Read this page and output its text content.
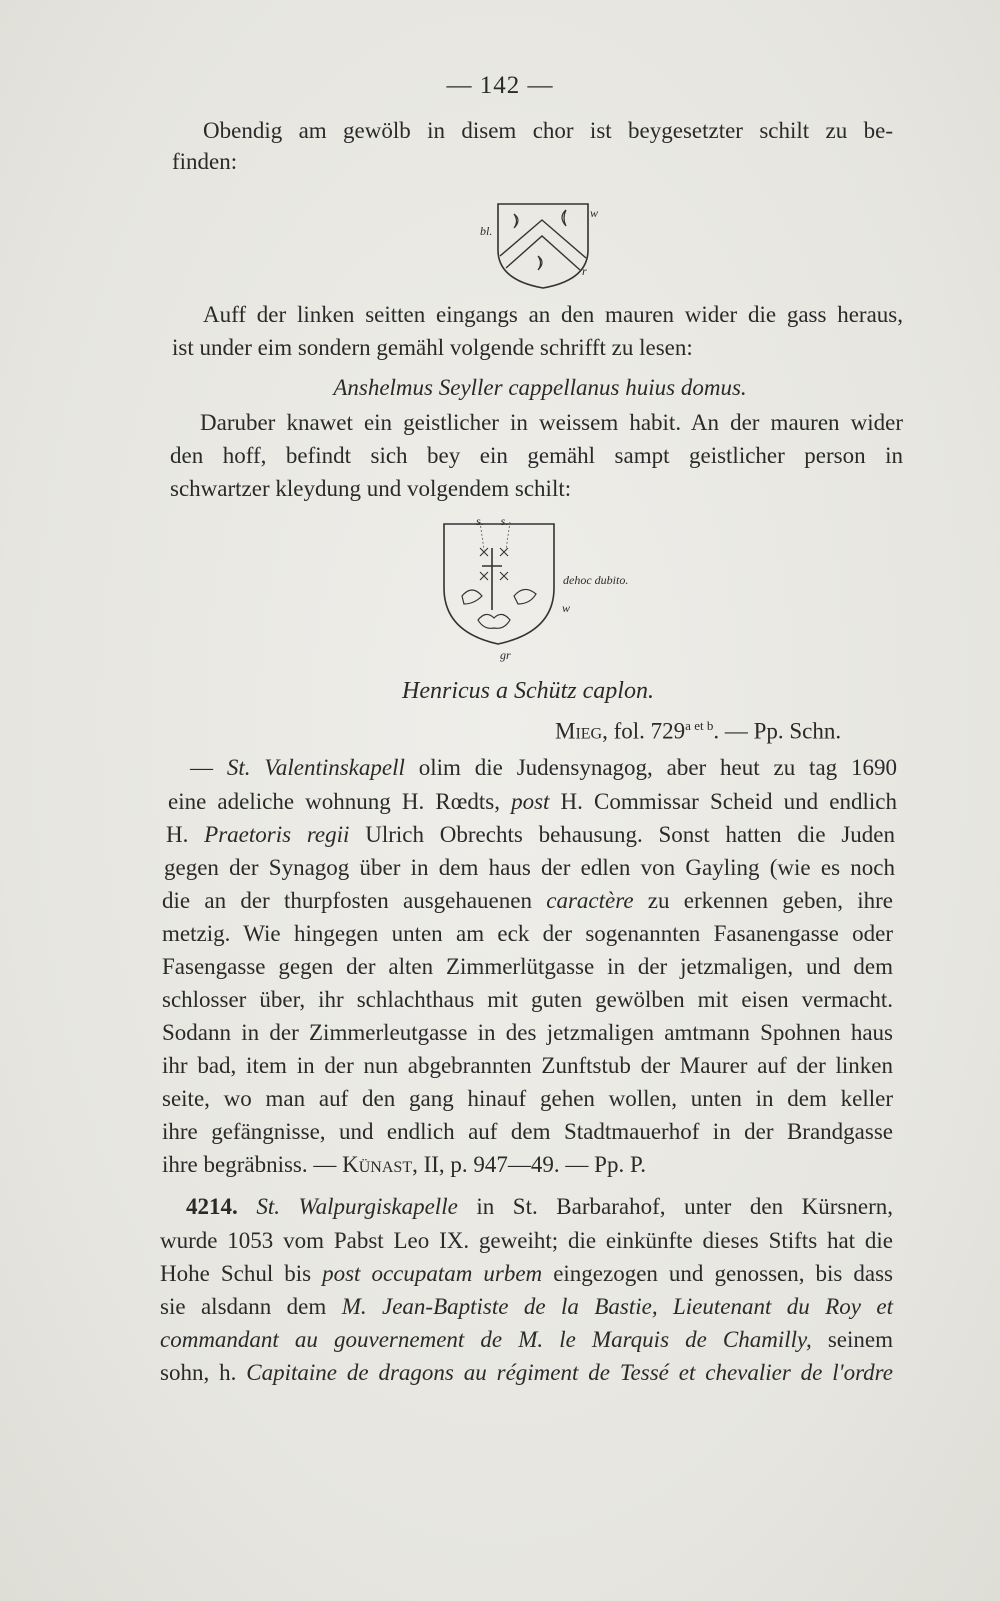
— 142 —
Obendig am gewölb in disem chor ist beygesetzter schilt zu be-
finden:
bl.
w
r
Auff der linken seitten eingangs an den mauren wider die gass heraus,
ist under eim sondern gemähl volgende schrifft zu lesen:
Anshelmus Seyller cappellanus huius domus.
Daruber knawet ein geistlicher in weissem habit. An der mauren wider
den hoff, befindt sich bey ein gemähl sampt geistlicher person in
schwartzer kleydung und volgendem schilt:
s. s.
dehoc dubito.
w
gr
Henricus a Schütz caplon.
Mieg, fol. $729^{a et b}$. — Pp. Schn.
— St. Valentinskapell olim die Judensynagog, aber heut zu tag 1690
eine adeliche wohnung H. Rœdts, post H. Commissar Scheid und endlich
H. Praetoris regii Ulrich Obrechts behausung. Sonst hatten die Juden
gegen der Synagog über in dem haus der edlen von Gayling (wie es noch
die an der thurpfosten ausgehauenen caractère zu erkennen geben, ihre
metzig. Wie hingegen unten am eck der sogenannten Fasanengasse oder
Fasengasse gegen der alten Zimmerlütgasse in der jetzmaligen, und dem
schlosser über, ihr schlachthaus mit guten gewölben mit eisen vermacht.
Sodann in der Zimmerleutgasse in des jetzmaligen amtmann Spohnen haus
ihr bad, item in der nun abgebrannten Zunftstub der Maurer auf der linken
seite, wo man auf den gang hinauf gehen wollen, unten in dem keller
ihre gefängnisse, und endlich auf dem Stadtmauerhof in der Brandgasse
ihre begräbniss. — Künast, II, p. 947—49. — Pp. P.
4214. St. Walpurgiskapelle in St. Barbarahof, unter den Kürsnern,
wurde 1053 vom Pabst Leo IX. geweiht; die einkünfte dieses Stifts hat die
Hohe Schul bis post occupatam urbem eingezogen und genossen, bis dass
sie alsdann dem M. Jean-Baptiste de la Bastie, Lieutenant du Roy et
commandant au gouvernement de M. le Marquis de Chamilly, seinem
sohn, h. Capitaine de dragons au régiment de Tessé et chevalier de l'ordre
